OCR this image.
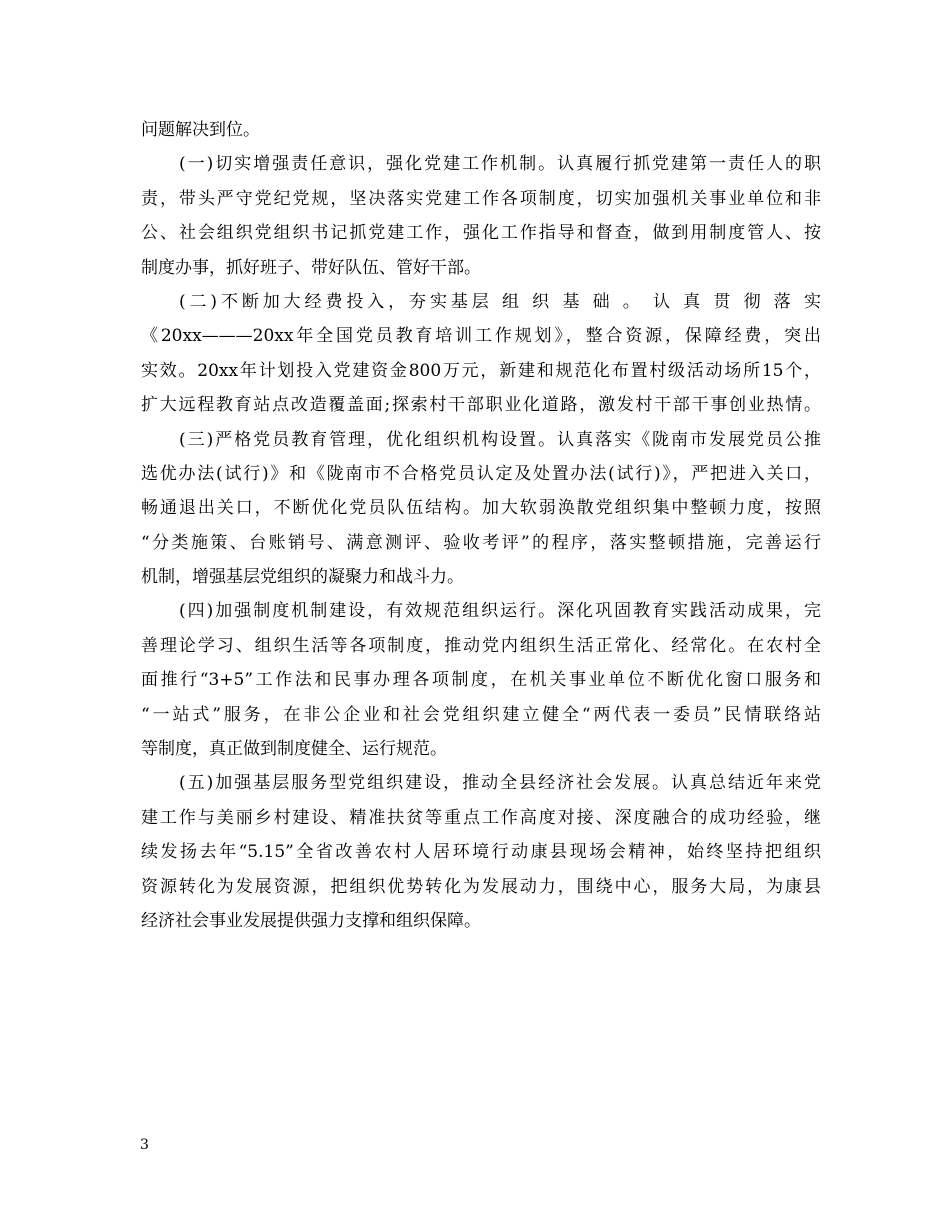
问题解决到位。
(一)切实增强责任意识，强化党建工作机制。认真履行抓党建第一责任人的职
责，带头严守党纪党规，坚决落实党建工作各项制度，切实加强机关事业单位和非
公、社会组织党组织书记抓党建工作，强化工作指导和督查，做到用制度管人、按
制度办事，抓好班子、带好队伍、管好干部。
(二)不断加大经费投入，夯实基层 组 织 基 础 。 认 真 贯 彻 落 实
《20xx———20xx年全国党员教育培训工作规划》，整合资源，保障经费，突出
实效。20xx年计划投入党建资金800万元，新建和规范化布置村级活动场所15个，
扩大远程教育站点改造覆盖面;探索村干部职业化道路，激发村干部干事创业热情。
(三)严格党员教育管理，优化组织机构设置。认真落实《陇南市发展党员公推
选优办法(试行)》和《陇南市不合格党员认定及处置办法(试行)》，严把进入关口，
畅通退出关口，不断优化党员队伍结构。加大软弱涣散党组织集中整顿力度，按照
“分类施策、台账销号、满意测评、验收考评”的程序，落实整顿措施，完善运行
机制，增强基层党组织的凝聚力和战斗力。
(四)加强制度机制建设，有效规范组织运行。深化巩固教育实践活动成果，完
善理论学习、组织生活等各项制度，推动党内组织生活正常化、经常化。在农村全
面推行“3+5”工作法和民事办理各项制度，在机关事业单位不断优化窗口服务和
“一站式”服务，在非公企业和社会党组织建立健全“两代表一委员”民情联络站
等制度，真正做到制度健全、运行规范。
(五)加强基层服务型党组织建设，推动全县经济社会发展。认真总结近年来党
建工作与美丽乡村建设、精准扶贫等重点工作高度对接、深度融合的成功经验，继
续发扬去年“5.15”全省改善农村人居环境行动康县现场会精神，始终坚持把组织
资源转化为发展资源，把组织优势转化为发展动力，围绕中心，服务大局，为康县
经济社会事业发展提供强力支撑和组织保障。
3
